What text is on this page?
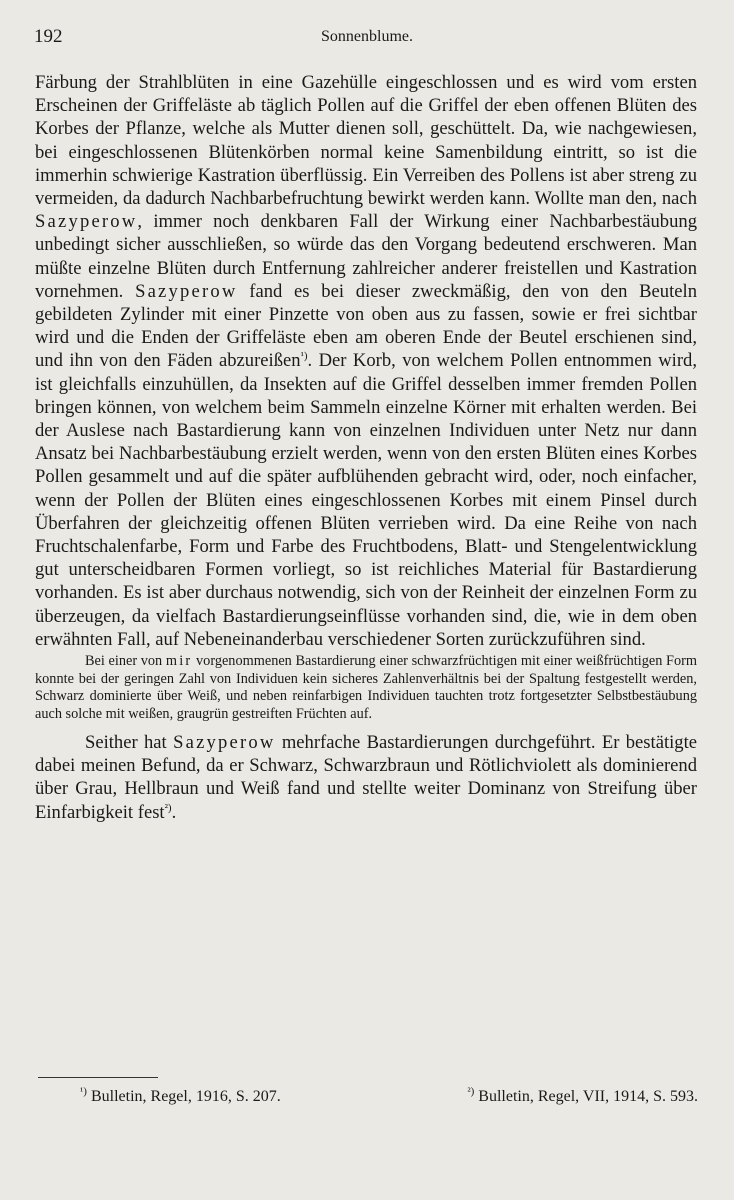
192	Sonnenblume.

Färbung der Strahlblüten in eine Gazehülle eingeschlossen und es wird vom ersten Erscheinen der Griffeläste ab täglich Pollen auf die Griffel der eben offenen Blüten des Korbes der Pflanze, welche als Mutter dienen soll, geschüttelt. Da, wie nachgewiesen, bei eingeschlossenen Blütenkörben normal keine Samenbildung eintritt, so ist die immerhin schwierige Kastration überflüssig. Ein Verreiben des Pollens ist aber streng zu vermeiden, da dadurch Nachbarbefruchtung bewirkt werden kann. Wollte man den, nach Sazyperow, immer noch denkbaren Fall der Wirkung einer Nachbarbestäubung unbedingt sicher ausschließen, so würde das den Vorgang bedeutend erschweren. Man müßte einzelne Blüten durch Entfernung zahlreicher anderer freistellen und Kastration vornehmen. Sazyperow fand es bei dieser zweckmäßig, den von den Beuteln gebildeten Zylinder mit einer Pinzette von oben aus zu fassen, sowie er frei sichtbar wird und die Enden der Griffeläste eben am oberen Ende der Beutel erschienen sind, und ihn von den Fäden abzureißen$^{^1)}$. Der Korb, von welchem Pollen entnommen wird, ist gleichfalls einzuhüllen, da Insekten auf die Griffel desselben immer fremden Pollen bringen können, von welchem beim Sammeln einzelne Körner mit erhalten werden. Bei der Auslese nach Bastardierung kann von einzelnen Individuen unter Netz nur dann Ansatz bei Nachbarbestäubung erzielt werden, wenn von den ersten Blüten eines Korbes Pollen gesammelt und auf die später aufblühenden gebracht wird, oder, noch einfacher, wenn der Pollen der Blüten eines eingeschlossenen Korbes mit einem Pinsel durch Überfahren der gleichzeitig offenen Blüten verrieben wird. Da eine Reihe von nach Fruchtschalenfarbe, Form und Farbe des Fruchtbodens, Blatt- und Stengelentwicklung gut unterscheidbaren Formen vorliegt, so ist reichliches Material für Bastardierung vorhanden. Es ist aber durchaus notwendig, sich von der Reinheit der einzelnen Form zu überzeugen, da vielfach Bastardierungseinflüsse vorhanden sind, die, wie in dem oben erwähnten Fall, auf Nebeneinanderbau verschiedener Sorten zurückzuführen sind.

Bei einer von mir vorgenommenen Bastardierung einer schwarzfrüchtigen mit einer weißfrüchtigen Form konnte bei der geringen Zahl von Individuen kein sicheres Zahlenverhältnis bei der Spaltung festgestellt werden, Schwarz dominierte über Weiß, und neben reinfarbigen Individuen tauchten trotz fortgesetzter Selbstbestäubung auch solche mit weißen, graugrün gestreiften Früchten auf.

Seither hat Sazyperow mehrfache Bastardierungen durchgeführt. Er bestätigte dabei meinen Befund, da er Schwarz, Schwarzbraun und Rötlichviolett als dominierend über Grau, Hellbraun und Weiß fand und stellte weiter Dominanz von Streifung über Einfarbigkeit fest$^{^2)}$.

$^{^1)}$ Bulletin, Regel, 1916, S. 207.	$^{^2)}$ Bulletin, Regel, VII, 1914, S. 593.
